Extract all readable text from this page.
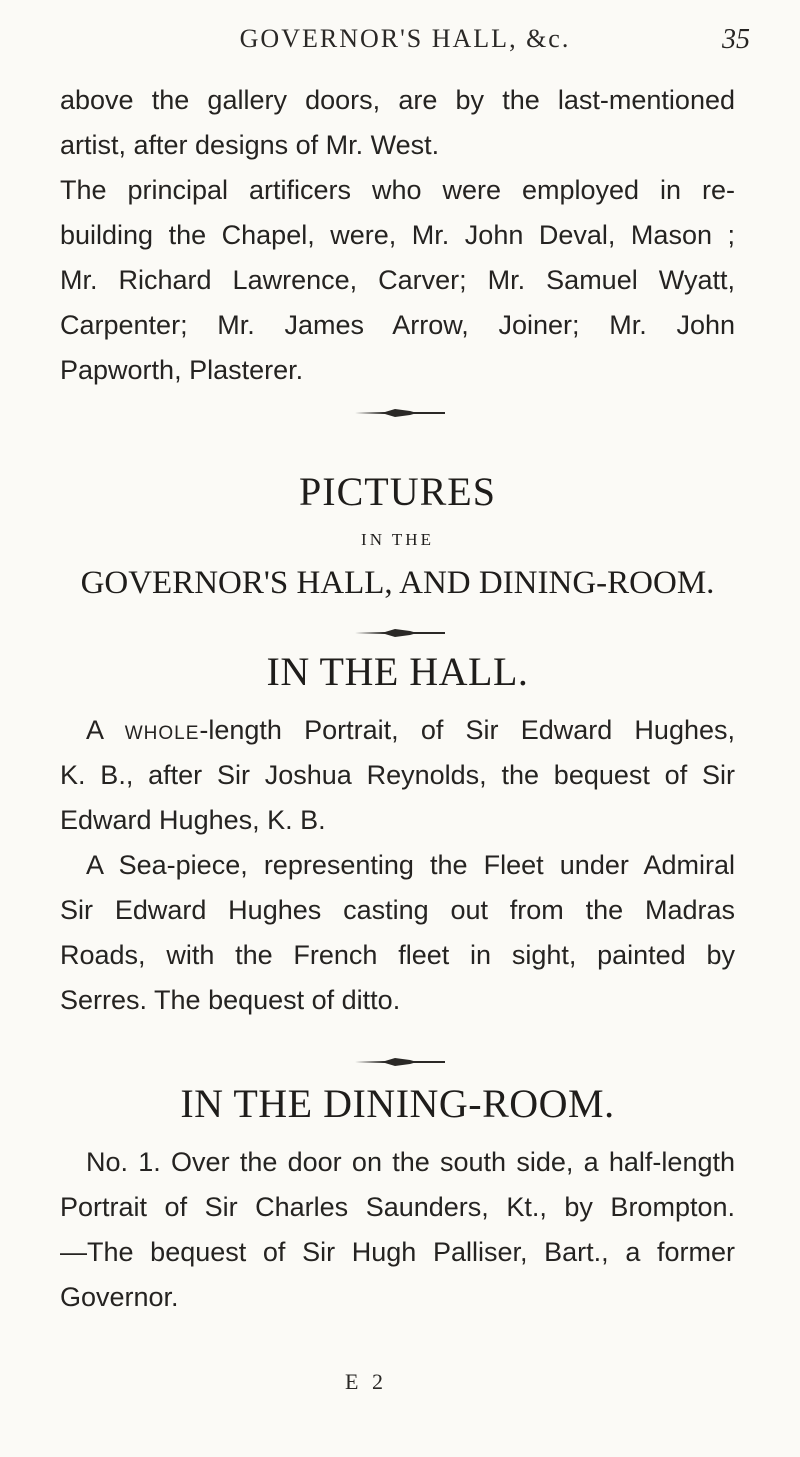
GOVERNOR'S HALL, &c.	35

above the gallery doors, are by the last-mentioned
artist, after designs of Mr. West.

The principal artificers who were employed in re-
building the Chapel, were, Mr. John Deval, Mason ;
Mr. Richard Lawrence, Carver; Mr. Samuel Wyatt,
Carpenter; Mr. James Arrow, Joiner; Mr. John
Papworth, Plasterer.

PICTURES

IN THE

GOVERNOR'S HALL, AND DINING-ROOM.

IN THE HALL.

A whole-length Portrait, of Sir Edward Hughes,
K. B., after Sir Joshua Reynolds, the bequest of Sir
Edward Hughes, K. B.

A Sea-piece, representing the Fleet under Admiral
Sir Edward Hughes casting out from the Madras
Roads, with the French fleet in sight, painted by
Serres. The bequest of ditto.

IN THE DINING-ROOM.

No. 1. Over the door on the south side, a half-length
Portrait of Sir Charles Saunders, Kt., by Brompton.
—The bequest of Sir Hugh Palliser, Bart., a former
Governor.

E 2
